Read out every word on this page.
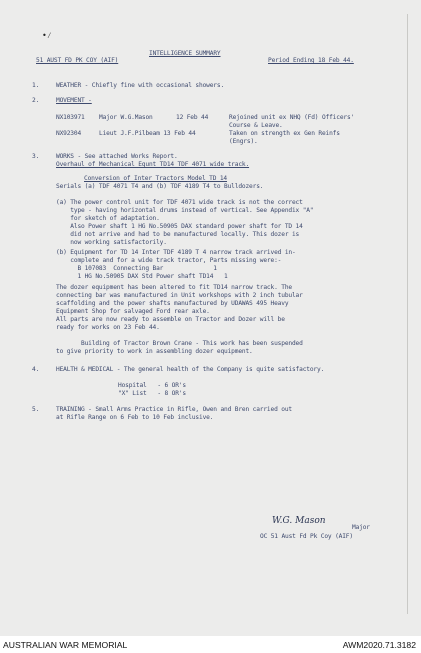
•⁄
51 AUST FD PK COY (AIF)
INTELLIGENCE SUMMARY
Period Ending 18 Feb 44.
1.	WEATHER - Chiefly fine with occasional showers.
2.	MOVEMENT -
NX103971 Major W.G.Mason	12 Feb 44	Rejoined unit ex NHQ (Fd) Officers'
Course & Leave.
NX92304	Lieut J.F.Pilbeam 13 Feb 44	Taken on strength ex Gen Reinfs
(Engrs).
3.	WORKS - See attached Works Report.
Overhaul of Mechanical Equnt TD14 TDF 4071 wide track.
Conversion of Inter Tractors Model TD 14
Serials (a) TDF 4071 T4 and (b) TDF 4189 T4 to Bulldozers.
(a) The power control unit for TDF 4071 wide track is not the correct
type - having horizontal drums instead of vertical. See Appendix "A"
for sketch of adaptation.
Also Power shaft 1 HG No.50905 DAX standard power shaft for TD 14
did not arrive and had to be manufactured locally. This dozer is
now working satisfactorily.
(b) Equipment for TD 14 Inter TDF 4189 T 4 narrow track arrived in-
complete and for a wide track tractor, Parts missing were:-
B 107083  Connecting Bar              1
1 HG No.50905 DAX Std Power shaft TD14   1
The dozer equipment has been altered to fit TD14 narrow track. The
connecting bar was manufactured in Unit workshops with 2 inch tubular
scaffolding and the power shafts manufactured by UDAWAS 495 Heavy
Equipment Shop for salvaged Ford rear axle.
All parts are now ready to assemble on Tractor and Dozer will be
ready for works on 23 Feb 44.
Building of Tractor Brown Crane - This work has been suspended
to give priority to work in assembling dozer equipment.
4.	HEALTH & MEDICAL - The general health of the Company is quite satisfactory.
Hospital   - 6 OR's
"X" List   - 8 OR's
5.	TRAINING - Small Arms Practice in Rifle, Owen and Bren carried out
at Rifle Range on 6 Feb to 10 Feb inclusive.
W.G. Mason
Major
OC 51 Aust Fd Pk Coy (AIF)
AUSTRALIAN WAR MEMORIAL	AWM2020.71.3182
